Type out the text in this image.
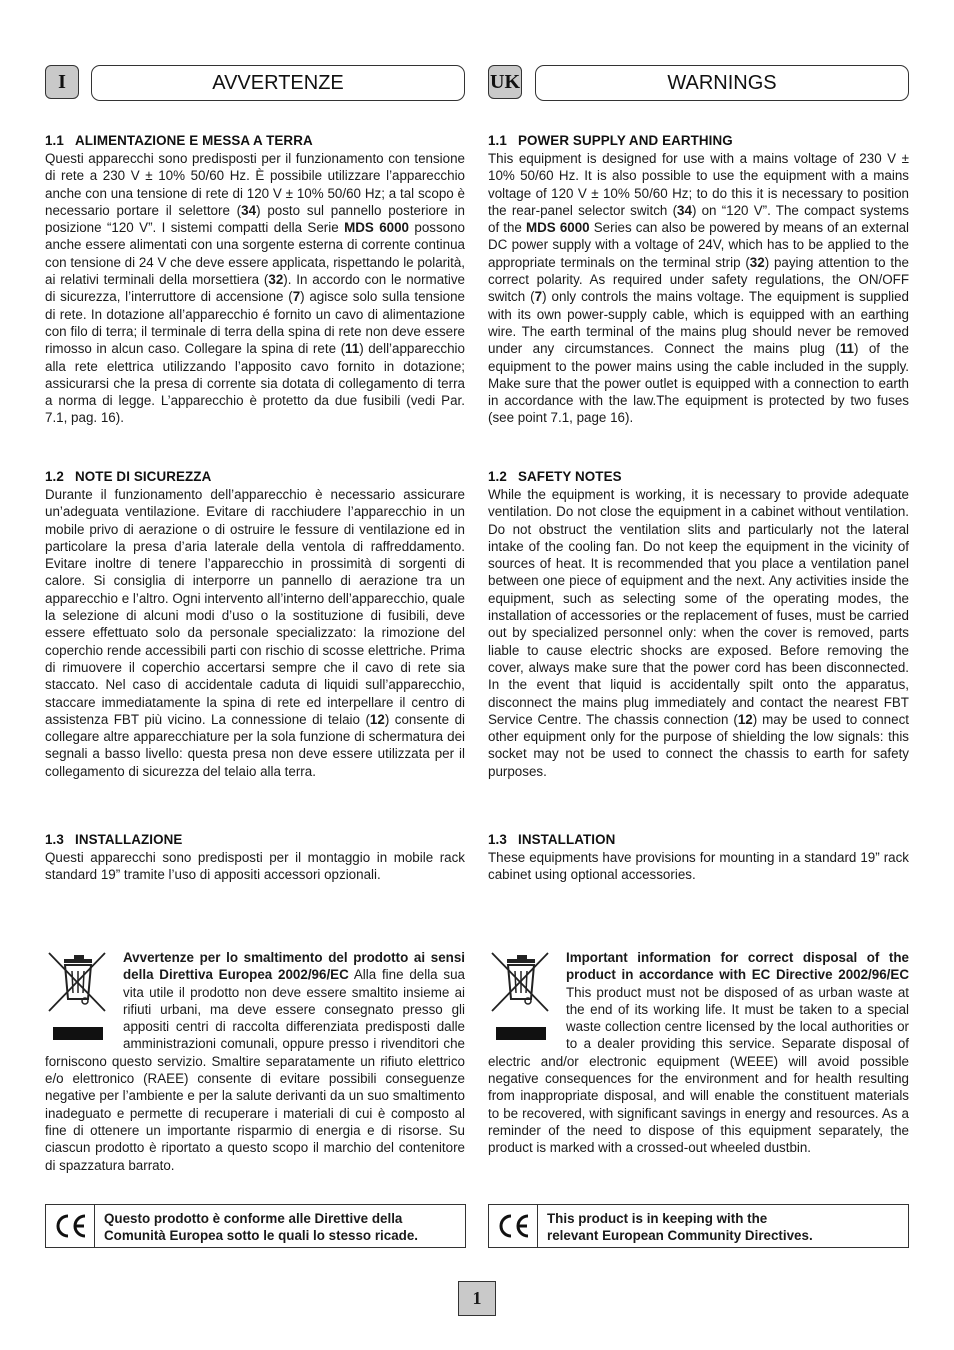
I	AVVERTENZE
1.1 ALIMENTAZIONE E MESSA A TERRA
Questi apparecchi sono predisposti per il funzionamento con tensione di rete a 230 V ± 10% 50/60 Hz. È possibile utilizzare l’apparecchio anche con una tensione di rete di 120 V ± 10% 50/60 Hz; a tal scopo è necessario portare il selettore (34) posto sul pannello posteriore in posizione “120 V”. I sistemi compatti della Serie MDS 6000 possono anche essere alimentati con una sorgente esterna di corrente continua con tensione di 24 V che deve essere applicata, rispettando le polarità, ai relativi terminali della morsettiera (32). In accordo con le normative di sicurezza, l’interruttore di accensione (7) agisce solo sulla tensione di rete. In dotazione all’apparecchio é fornito un cavo di alimentazione con filo di terra; il terminale di terra della spina di rete non deve essere rimosso in alcun caso. Collegare la spina di rete (11) dell’apparecchio alla rete elettrica utilizzando l’apposito cavo fornito in dotazione; assicurarsi che la presa di corrente sia dotata di collegamento di terra a norma di legge. L’apparecchio è protetto da due fusibili (vedi Par. 7.1, pag. 16).
1.2 NOTE DI SICUREZZA
Durante il funzionamento dell’apparecchio è necessario assicurare un’adeguata ventilazione. Evitare di racchiudere l’apparecchio in un mobile privo di aerazione o di ostruire le fessure di ventilazione ed in particolare la presa d’aria laterale della ventola di raffreddamento. Evitare inoltre di tenere l’apparecchio in prossimità di sorgenti di calore. Si consiglia di interporre un pannello di aerazione tra un apparecchio e l’altro. Ogni intervento all’interno dell’apparecchio, quale la selezione di alcuni modi d’uso o la sostituzione di fusibili, deve essere effettuato solo da personale specializzato: la rimozione del coperchio rende accessibili parti con rischio di scosse elettriche. Prima di rimuovere il coperchio accertarsi sempre che il cavo di rete sia staccato. Nel caso di accidentale caduta di liquidi sull’apparecchio, staccare immediatamente la spina di rete ed interpellare il centro di assistenza FBT più vicino. La connessione di telaio (12) consente di collegare altre apparecchiature per la sola funzione di schermatura dei segnali a basso livello: questa presa non deve essere utilizzata per il collegamento di sicurezza del telaio alla terra.
1.3 INSTALLAZIONE
Questi apparecchi sono predisposti per il montaggio in mobile rack standard 19” tramite l’uso di appositi accessori opzionali.
Avvertenze per lo smaltimento del prodotto ai sensi della Direttiva Europea 2002/96/EC Alla fine della sua vita utile il prodotto non deve essere smaltito insieme ai rifiuti urbani, ma deve essere consegnato presso gli appositi centri di raccolta differenziata predisposti dalle amministrazioni comunali, oppure presso i rivenditori che forniscono questo servizio. Smaltire separatamente un rifiuto elettrico e/o elettronico (RAEE) consente di evitare possibili conseguenze negative per l’ambiente e per la salute derivanti da un suo smaltimento inadeguato e permette di recuperare i materiali di cui è composto al fine di ottenere un importante risparmio di energia e di risorse. Su ciascun prodotto è riportato a questo scopo il marchio del contenitore di spazzatura barrato.
Questo prodotto è conforme alle Direttive della
Comunità Europea sotto le quali lo stesso ricade.
UK	WARNINGS
1.1 POWER SUPPLY AND EARTHING
This equipment is designed for use with a mains voltage of 230 V ± 10% 50/60 Hz. It is also possible to use the equipment with a mains voltage of 120 V ± 10% 50/60 Hz; to do this it is necessary to position the rear-panel selector switch (34) on “120 V”. The compact systems of the MDS 6000 Series can also be powered by means of an external DC power supply with a voltage of 24V, which has to be applied to the appropriate terminals on the terminal strip (32) paying attention to the correct polarity. As required under safety regulations, the ON/OFF switch (7) only controls the mains voltage. The equipment is supplied with its own power-supply cable, which is equipped with an earthing wire. The earth terminal of the mains plug should never be removed under any circumstances. Connect the mains plug (11) of the equipment to the power mains using the cable included in the supply. Make sure that the power outlet is equipped with a connection to earth in accordance with the law.The equipment is protected by two fuses (see point 7.1, page 16).
1.2 SAFETY NOTES
While the equipment is working, it is necessary to provide adequate ventilation. Do not close the equipment in a cabinet without ventilation. Do not obstruct the ventilation slits and particularly not the lateral intake of the cooling fan. Do not keep the equipment in the vicinity of sources of heat. It is recommended that you place a ventilation panel between one piece of equipment and the next. Any activities inside the equipment, such as selecting some of the operating modes, the installation of accessories or the replacement of fuses, must be carried out by specialized personnel only: when the cover is removed, parts liable to cause electric shocks are exposed. Before removing the cover, always make sure that the power cord has been disconnected. In the event that liquid is accidentally spilt onto the apparatus, disconnect the mains plug immediately and contact the nearest FBT Service Centre. The chassis connection (12) may be used to connect other equipment only for the purpose of shielding the low signals: this socket may not be used to connect the chassis to earth for safety purposes.
1.3 INSTALLATION
These equipments have provisions for mounting in a standard 19” rack cabinet using optional accessories.
Important information for correct disposal of the product in accordance with EC Directive 2002/96/EC This product must not be disposed of as urban waste at the end of its working life. It must be taken to a special waste collection centre licensed by the local authorities or to a dealer providing this service. Separate disposal of electric and/or electronic equipment (WEEE) will avoid possible negative consequences for the environment and for health resulting from inappropriate disposal, and will enable the constituent materials to be recovered, with significant savings in energy and resources. As a reminder of the need to dispose of this equipment separately, the product is marked with a crossed-out wheeled dustbin.
This product is in keeping with the
relevant European Community Directives.
1
